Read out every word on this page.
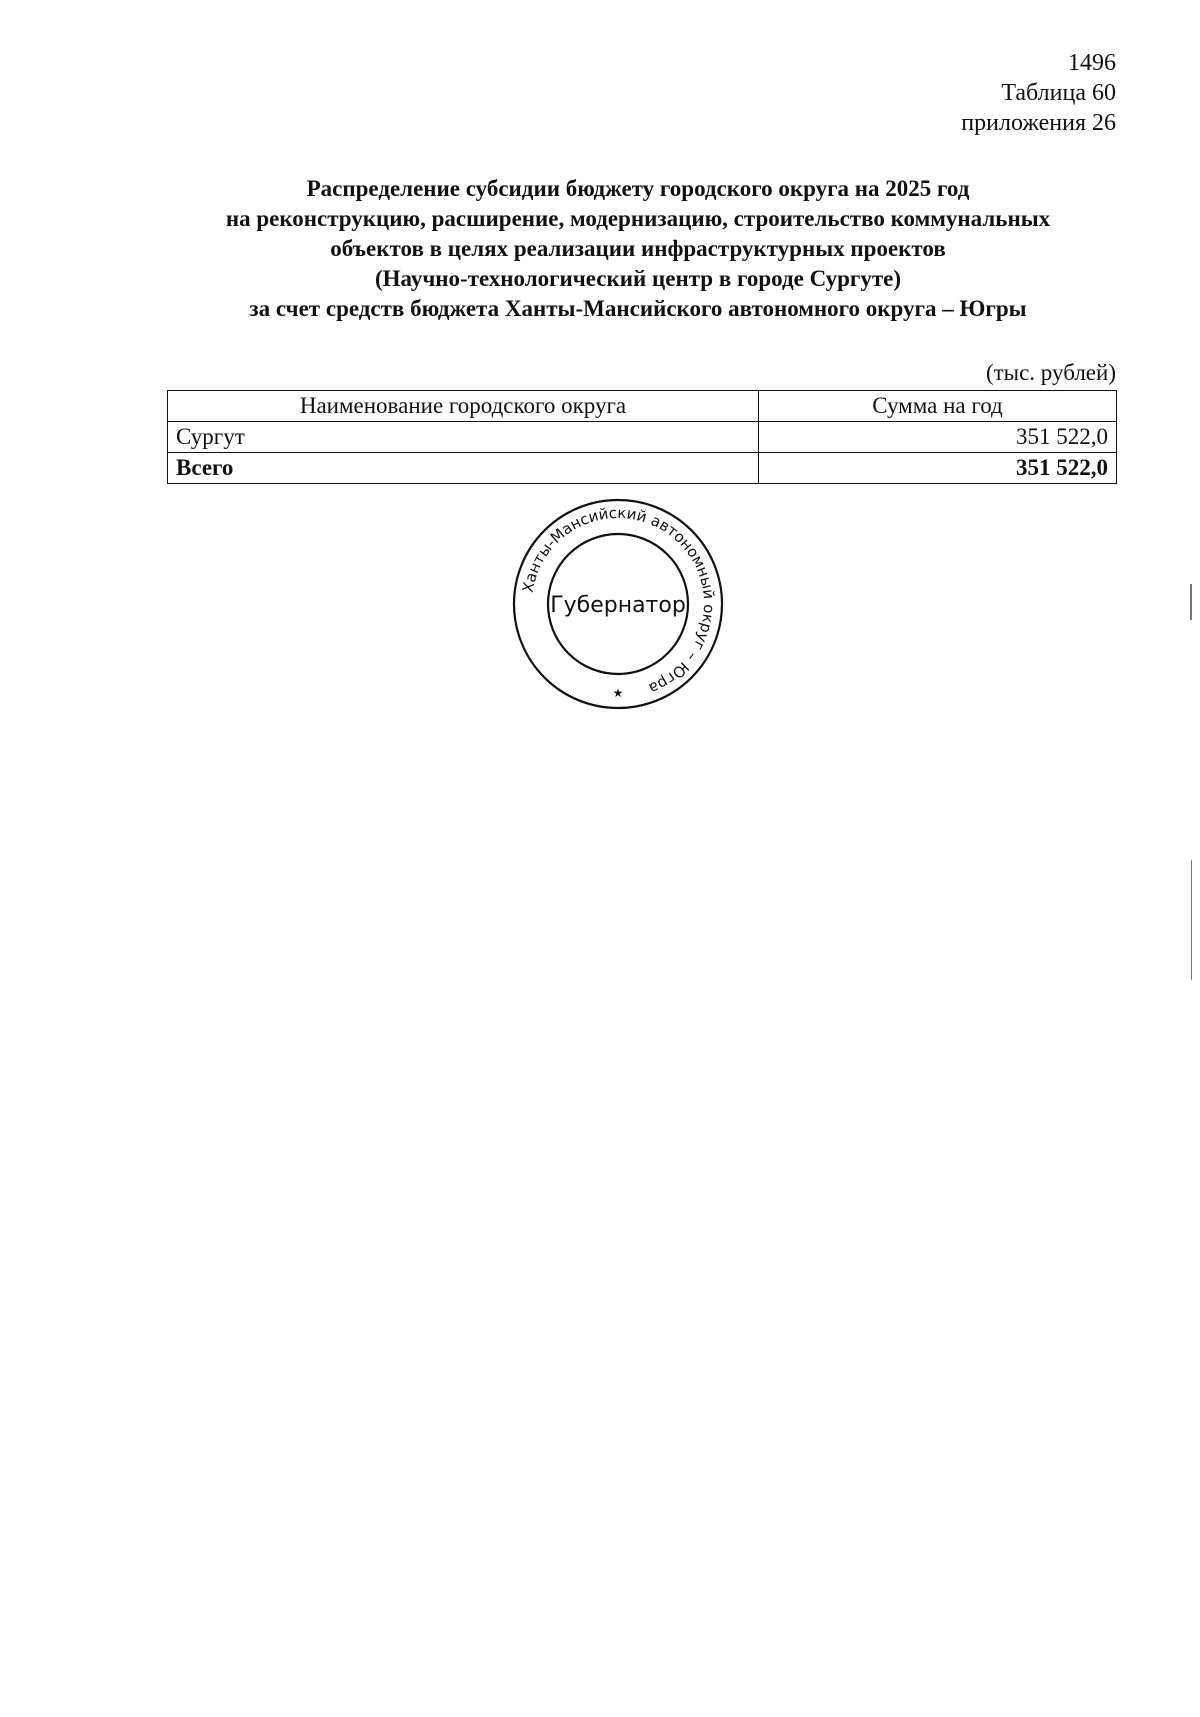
1496
Таблица 60
приложения 26
Распределение субсидии бюджету городского округа на 2025 год
на реконструкцию, расширение, модернизацию, строительство коммунальных
объектов в целях реализации инфраструктурных проектов
(Научно-технологический центр в городе Сургуте)
за счет средств бюджета Ханты-Мансийского автономного округа – Югры
(тыс. рублей)
Наименование городского округа	Сумма на год
Сургут	351 522,0
Всего	351 522,0
Ханты-Мансийский автономный округ – Югра
Губернатор
★
